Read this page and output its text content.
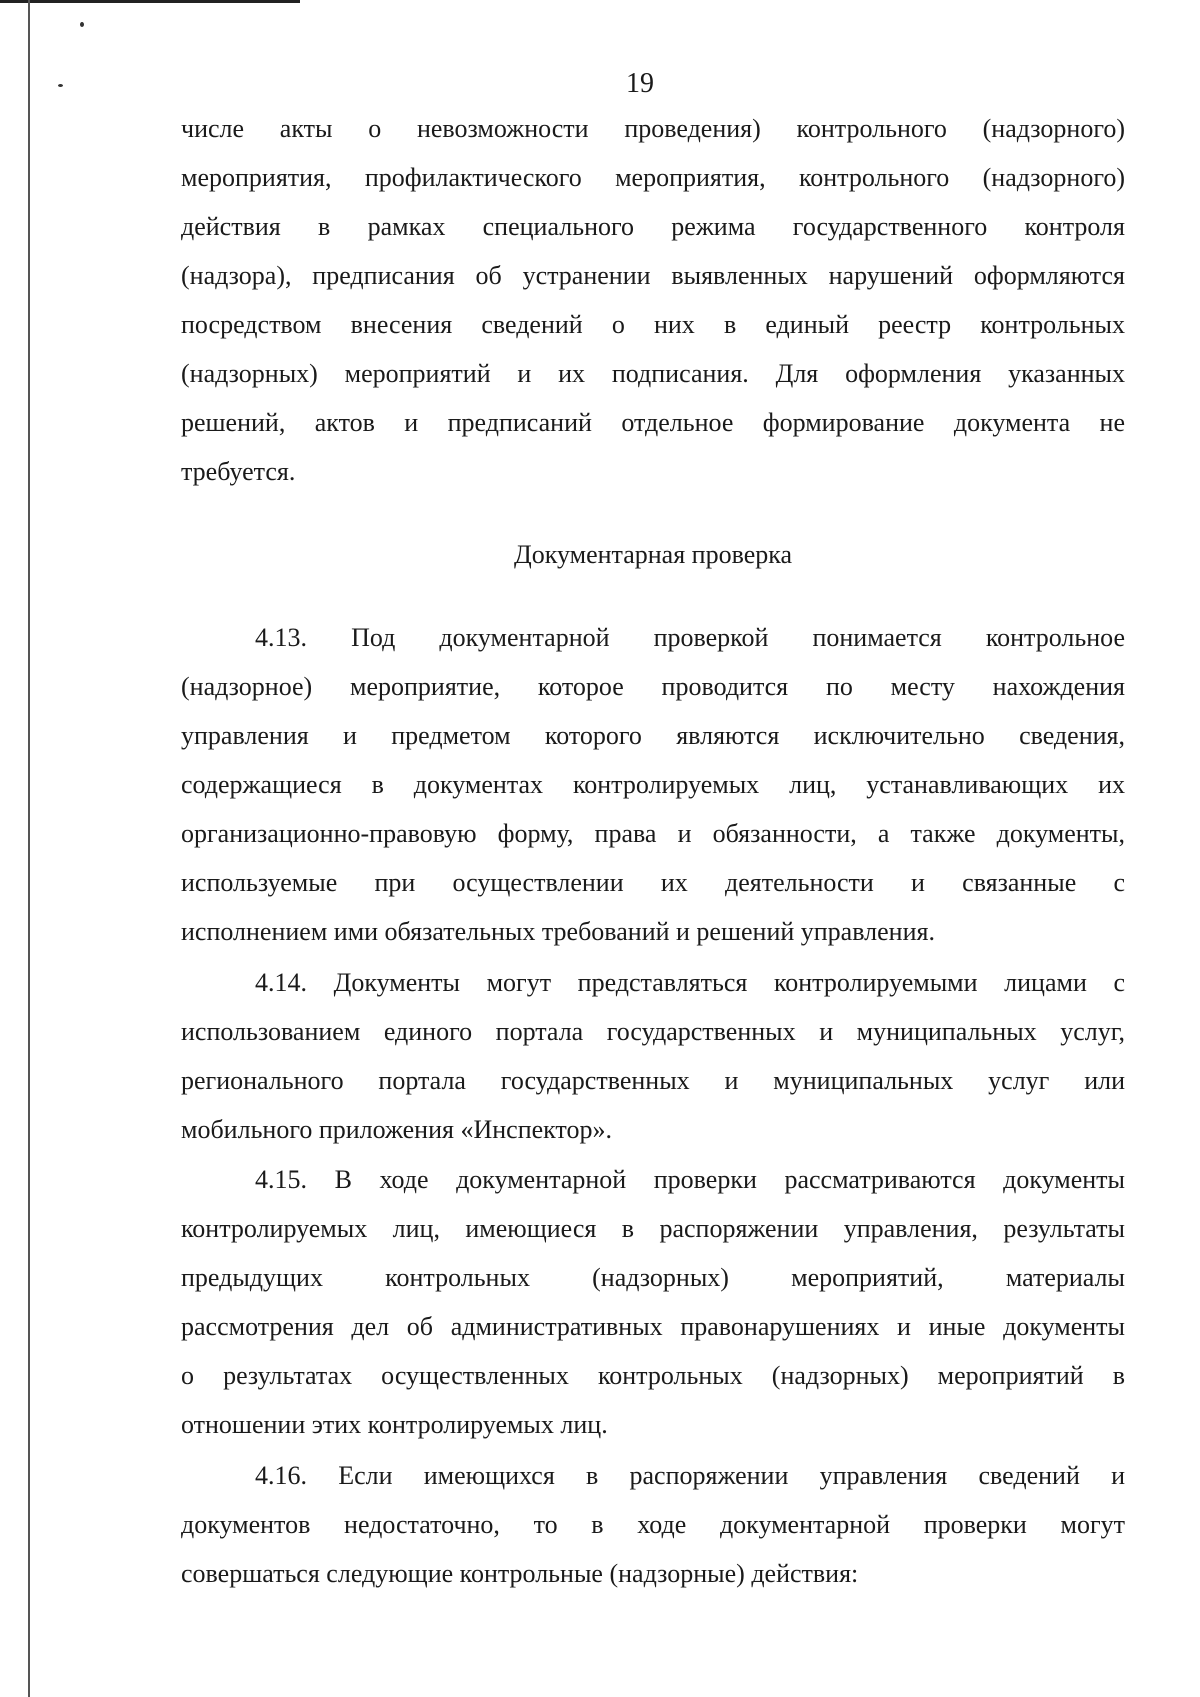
19
числе акты о невозможности проведения) контрольного (надзорного)
мероприятия, профилактического мероприятия, контрольного (надзорного)
действия в рамках специального режима государственного контроля
(надзора), предписания об устранении выявленных нарушений оформляются
посредством внесения сведений о них в единый реестр контрольных
(надзорных) мероприятий и их подписания. Для оформления указанных
решений, актов и предписаний отдельное формирование документа не
требуется.
Документарная проверка
4.13. Под документарной проверкой понимается контрольное
(надзорное) мероприятие, которое проводится по месту нахождения
управления и предметом которого являются исключительно сведения,
содержащиеся в документах контролируемых лиц, устанавливающих их
организационно-правовую форму, права и обязанности, а также документы,
используемые при осуществлении их деятельности и связанные с
исполнением ими обязательных требований и решений управления.
4.14. Документы могут представляться контролируемыми лицами с
использованием единого портала государственных и муниципальных услуг,
регионального портала государственных и муниципальных услуг или
мобильного приложения «Инспектор».
4.15. В ходе документарной проверки рассматриваются документы
контролируемых лиц, имеющиеся в распоряжении управления, результаты
предыдущих контрольных (надзорных) мероприятий, материалы
рассмотрения дел об административных правонарушениях и иные документы
о результатах осуществленных контрольных (надзорных) мероприятий в
отношении этих контролируемых лиц.
4.16. Если имеющихся в распоряжении управления сведений и
документов недостаточно, то в ходе документарной проверки могут
совершаться следующие контрольные (надзорные) действия:
